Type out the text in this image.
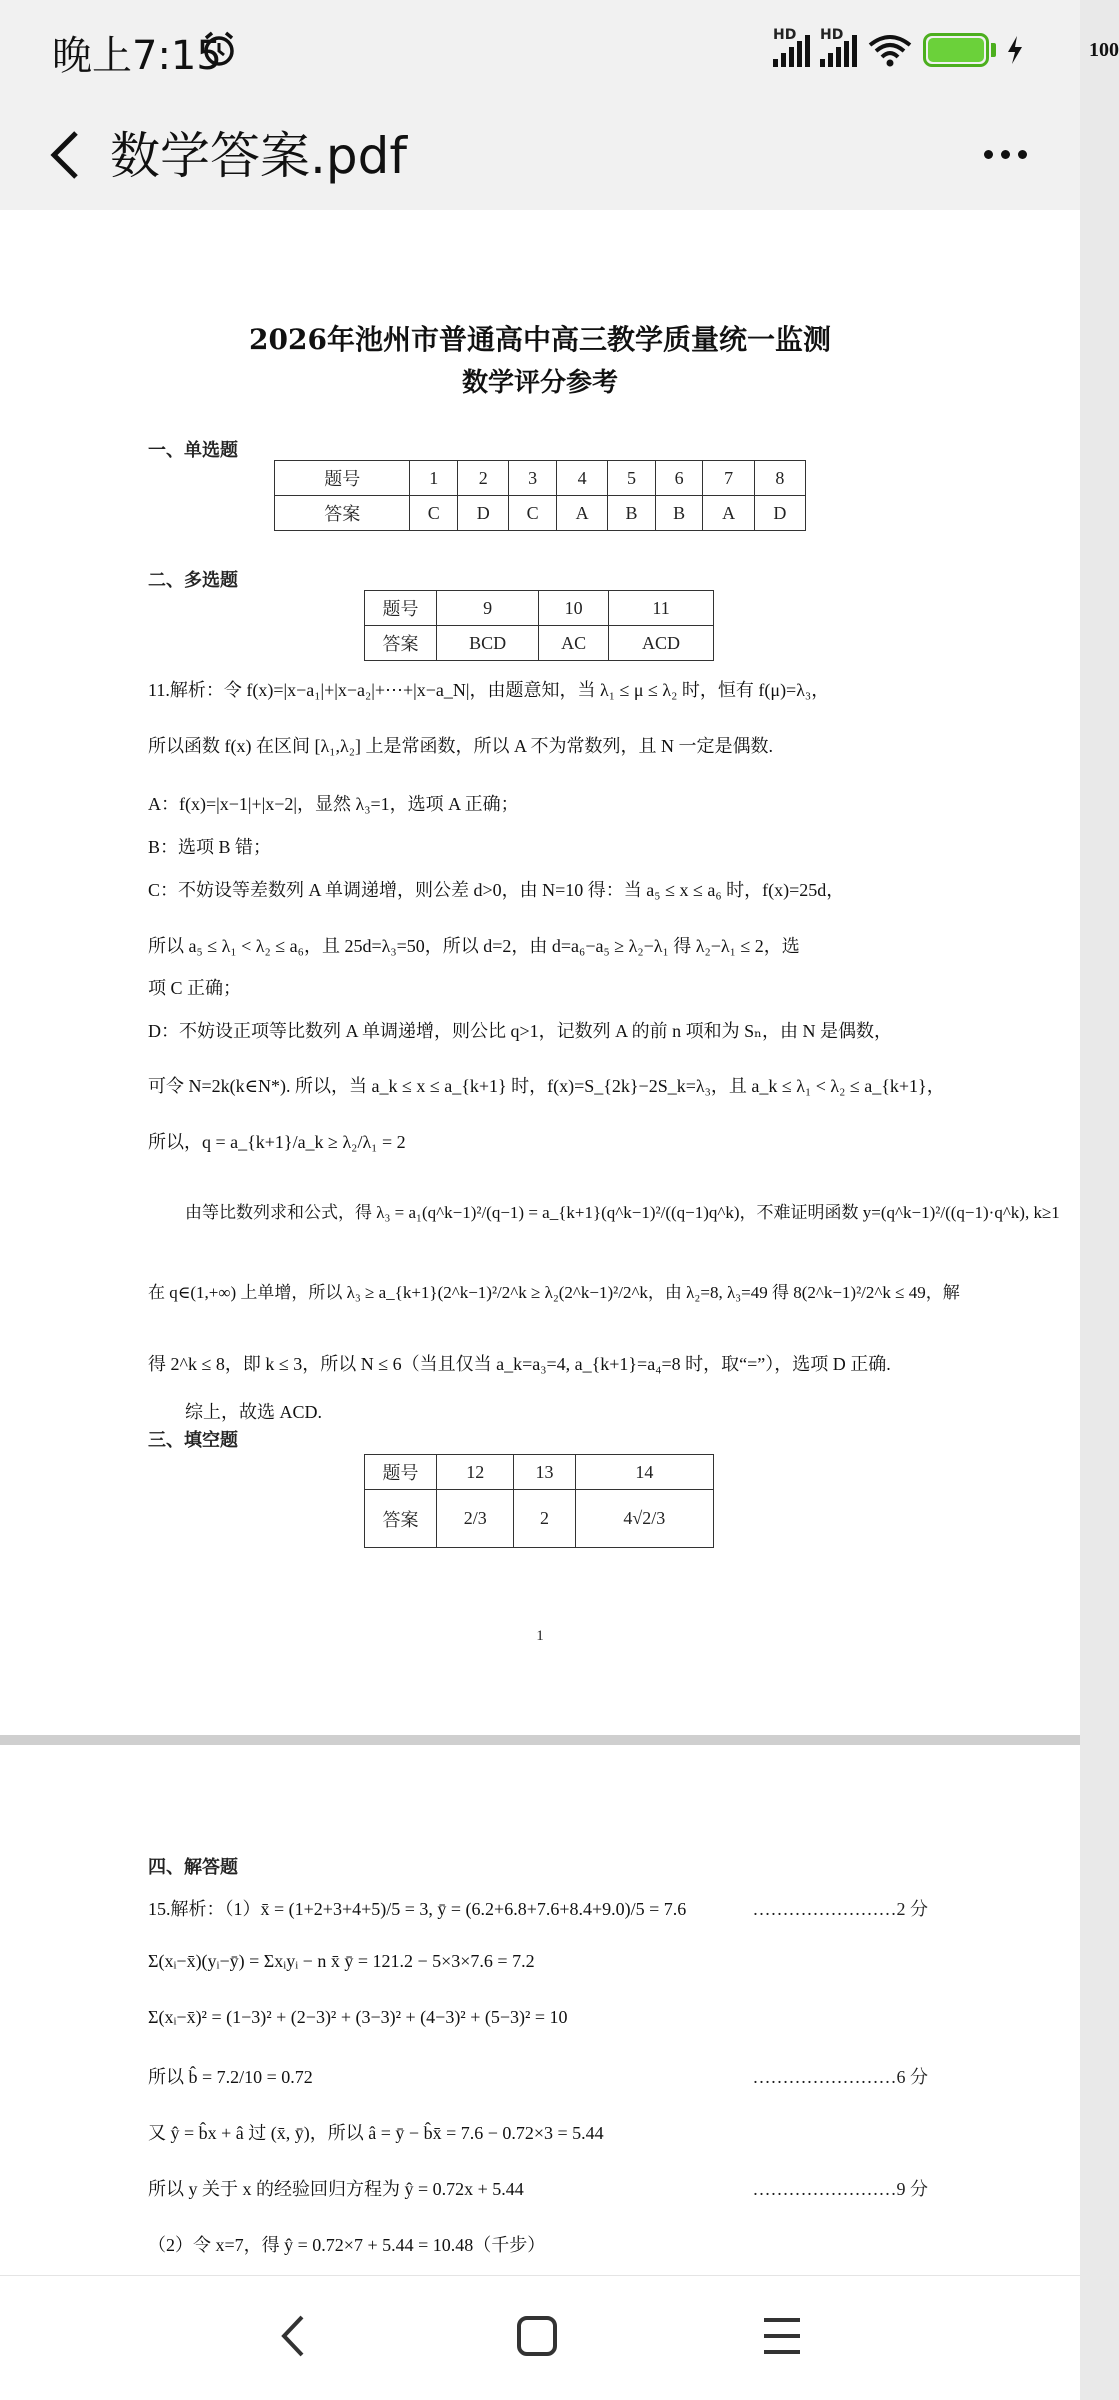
晚上7:15	HD HD
100
数学答案.pdf
2026年池州市普通高中高三教学质量统一监测
数学评分参考
一、单选题
题号	1	2	3	4	5	6	7	8
答案	C	D	C	A	B	B	A	D
二、多选题
题号	9	10	11
答案	BCD	AC	ACD
11.解析：令 f(x)=|x−a₁|+|x−a₂|+⋯+|x−a_N|，由题意知，当 λ₁ ≤ μ ≤ λ₂ 时，恒有 f(μ)=λ₃，
所以函数 f(x) 在区间 [λ₁,λ₂] 上是常函数，所以 A 不为常数列，且 N 一定是偶数.
A：f(x)=|x−1|+|x−2|，显然 λ₃=1，选项 A 正确；
B：选项 B 错；
C：不妨设等差数列 A 单调递增，则公差 d>0，由 N=10 得：当 a₅ ≤ x ≤ a₆ 时，f(x)=25d，
所以 a₅ ≤ λ₁ < λ₂ ≤ a₆，且 25d=λ₃=50，所以 d=2，由 d=a₆−a₅ ≥ λ₂−λ₁ 得 λ₂−λ₁ ≤ 2，选
项 C 正确；
D：不妨设正项等比数列 A 单调递增，则公比 q>1，记数列 A 的前 n 项和为 Sₙ，由 N 是偶数，
可令 N=2k(k∈N*). 所以，当 a_k ≤ x ≤ a_{k+1} 时，f(x)=S_{2k}−2S_k=λ₃，且 a_k ≤ λ₁ < λ₂ ≤ a_{k+1}，
所以，q = a_{k+1}/a_k ≥ λ₂/λ₁ = 2
由等比数列求和公式，得 λ₃ = a₁(q^k−1)²/(q−1) = a_{k+1}(q^k−1)²/((q−1)q^k)，不难证明函数 y=(q^k−1)²/((q−1)·q^k), k≥1
在 q∈(1,+∞) 上单增，所以 λ₃ ≥ a_{k+1}(2^k−1)²/2^k ≥ λ₂(2^k−1)²/2^k，由 λ₂=8, λ₃=49 得 8(2^k−1)²/2^k ≤ 49，解
得 2^k ≤ 8，即 k ≤ 3，所以 N ≤ 6（当且仅当 a_k=a₃=4, a_{k+1}=a₄=8 时，取“=”），选项 D 正确.
综上，故选 ACD.
三、填空题
题号	12	13	14
答案	2/3	2	4√2/3
1
四、解答题
15.解析：（1）x̄ = (1+2+3+4+5)/5 = 3, ȳ = (6.2+6.8+7.6+8.4+9.0)/5 = 7.6	……………………2 分
Σ(xᵢ−x̄)(yᵢ−ȳ) = Σxᵢyᵢ − n x̄ ȳ = 121.2 − 5×3×7.6 = 7.2
Σ(xᵢ−x̄)² = (1−3)² + (2−3)² + (3−3)² + (4−3)² + (5−3)² = 10
所以 b̂ = 7.2/10 = 0.72	……………………6 分
又 ŷ = b̂x + â 过 (x̄, ȳ)，所以 â = ȳ − b̂x̄ = 7.6 − 0.72×3 = 5.44
所以 y 关于 x 的经验回归方程为 ŷ = 0.72x + 5.44	……………………9 分
（2）令 x=7，得 ŷ = 0.72×7 + 5.44 = 10.48（千步）
